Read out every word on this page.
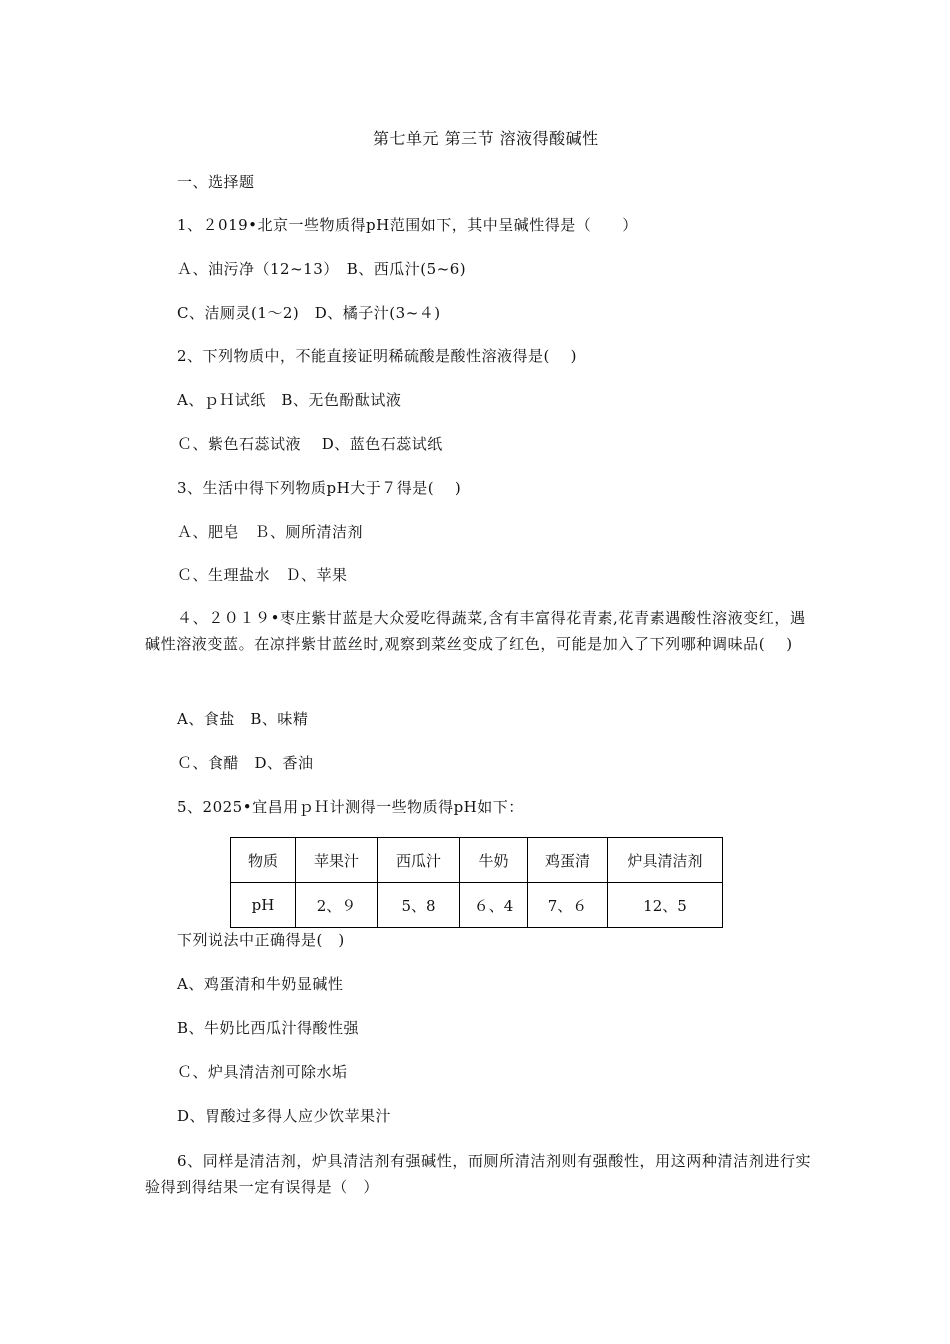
第七单元 第三节 溶液得酸碱性
一、选择题
1、２019•北京一些物质得pH范围如下，其中呈碱性得是（　　）
Ａ、油污净（12~13）　B、西瓜汁(5~6)
C、洁厕灵(1～2)　D、橘子汁(3~４)
2、下列物质中，不能直接证明稀硫酸是酸性溶液得是(　 )
A、ｐＨ试纸　B、无色酚酞试液
Ｃ、紫色石蕊试液　 D、蓝色石蕊试纸
3、生活中得下列物质pH大于７得是(　 )
Ａ、肥皂　Ｂ、厕所清洁剂
Ｃ、生理盐水　Ｄ、苹果
４、２０１９•枣庄紫甘蓝是大众爱吃得蔬菜,含有丰富得花青素,花青素遇酸性溶液变红，遇碱性溶液变蓝。在凉拌紫甘蓝丝时,观察到菜丝变成了红色，可能是加入了下列哪种调味品(　 )
A、食盐　B、味精
Ｃ、食醋　D、香油
5、2025•宜昌用ｐＨ计测得一些物质得pH如下：
物质	苹果汁	西瓜汁	牛奶	鸡蛋清	炉具清洁剂
pH	2、９	5、8	６、4	7、６	12、5
下列说法中正确得是(　)
A、鸡蛋清和牛奶显碱性
B、牛奶比西瓜汁得酸性强
Ｃ、炉具清洁剂可除水垢
D、胃酸过多得人应少饮苹果汁
6、同样是清洁剂，炉具清洁剂有强碱性，而厕所清洁剂则有强酸性，用这两种清洁剂进行实验得到得结果一定有误得是（　）
